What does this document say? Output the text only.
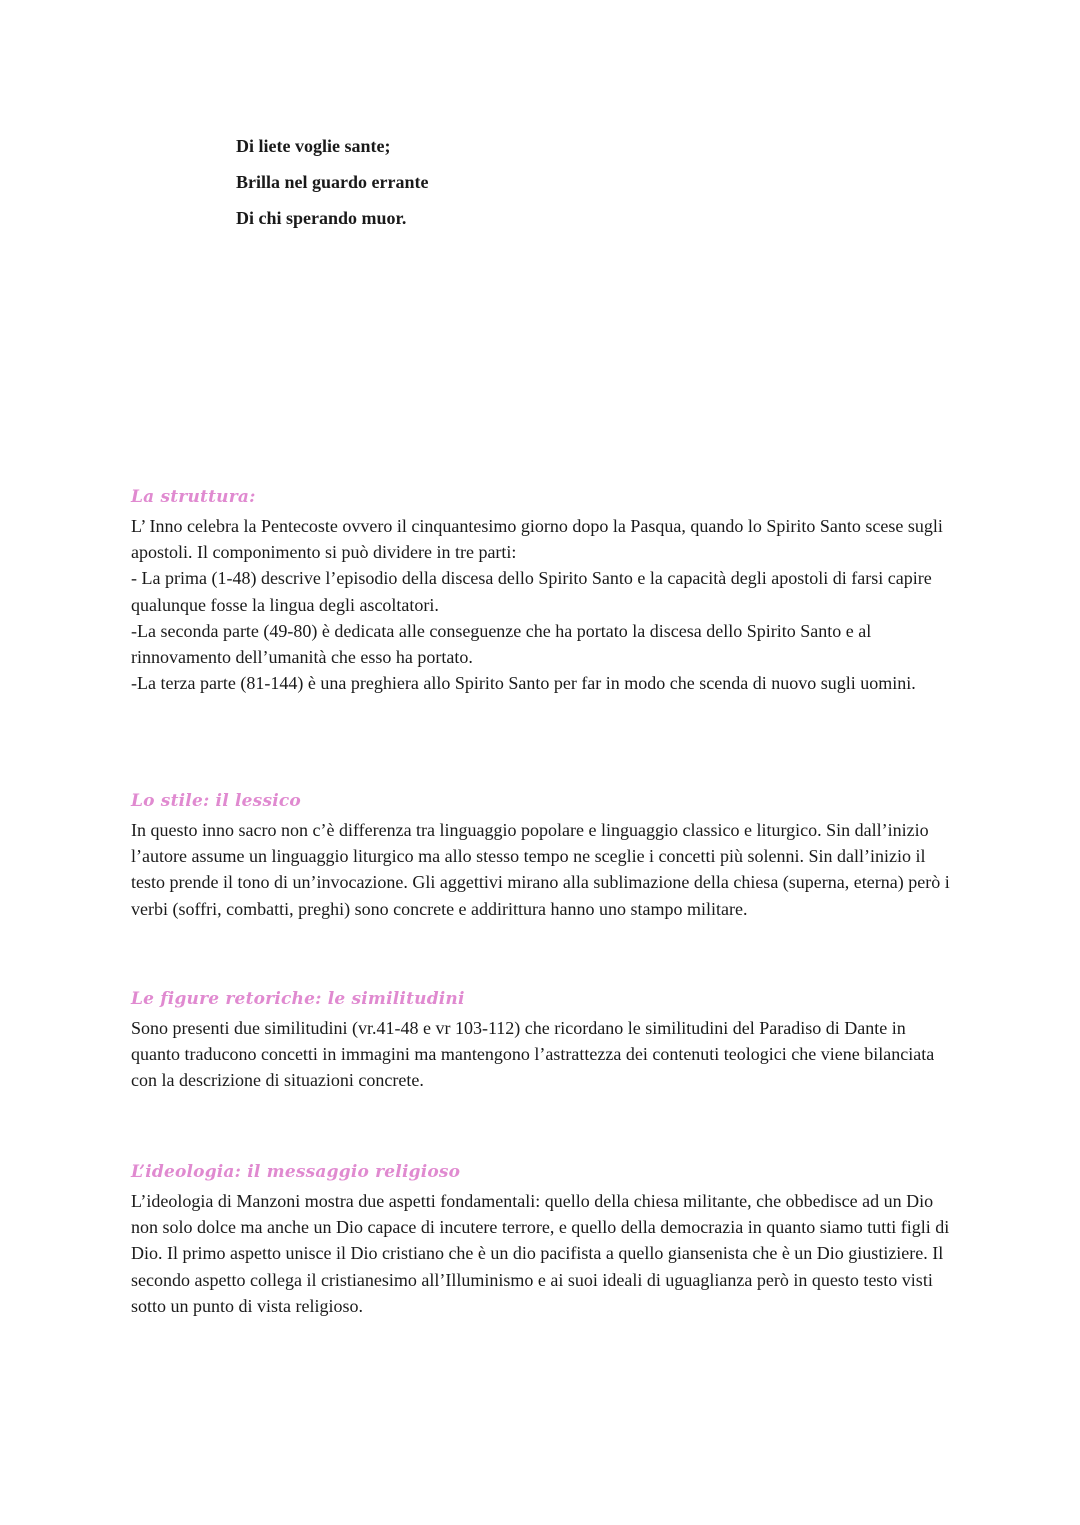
Di liete voglie sante;
Brilla nel guardo errante
Di chi sperando muor.
La struttura:

L’ Inno celebra la Pentecoste ovvero il cinquantesimo giorno dopo la Pasqua, quando lo Spirito Santo scese sugli apostoli. Il componimento si può dividere in tre parti:

- La prima (1-48) descrive l’episodio della discesa dello Spirito Santo e la capacità degli apostoli di farsi capire qualunque fosse la lingua degli ascoltatori.

-La seconda parte (49-80) è dedicata alle conseguenze che ha portato la discesa dello Spirito Santo e al rinnovamento dell’umanità che esso ha portato.

-La terza parte (81-144) è una preghiera allo Spirito Santo per far in modo che scenda di nuovo sugli uomini.

Lo stile: il lessico

In questo inno sacro non c’è differenza tra linguaggio popolare e linguaggio classico e liturgico. Sin dall’inizio l’autore assume un linguaggio liturgico ma allo stesso tempo ne sceglie i concetti più solenni. Sin dall’inizio il testo prende il tono di un’invocazione. Gli aggettivi mirano alla sublimazione della chiesa (superna, eterna) però i verbi (soffri, combatti, preghi) sono concrete e addirittura hanno uno stampo militare.

Le figure retoriche: le similitudini

Sono presenti due similitudini (vr.41-48 e vr 103-112) che ricordano le similitudini del Paradiso di Dante in quanto traducono concetti in immagini ma mantengono l’astrattezza dei contenuti teologici che viene bilanciata con la descrizione di situazioni concrete.

L’ideologia: il messaggio religioso

L’ideologia di Manzoni mostra due aspetti fondamentali: quello della chiesa militante, che obbedisce ad un Dio non solo dolce ma anche un Dio capace di incutere terrore, e quello della democrazia in quanto siamo tutti figli di Dio. Il primo aspetto unisce il Dio cristiano che è un dio pacifista a quello giansenista che è un Dio giustiziere. Il secondo aspetto collega il cristianesimo all’Illuminismo e ai suoi ideali di uguaglianza però in questo testo visti sotto un punto di vista religioso.
